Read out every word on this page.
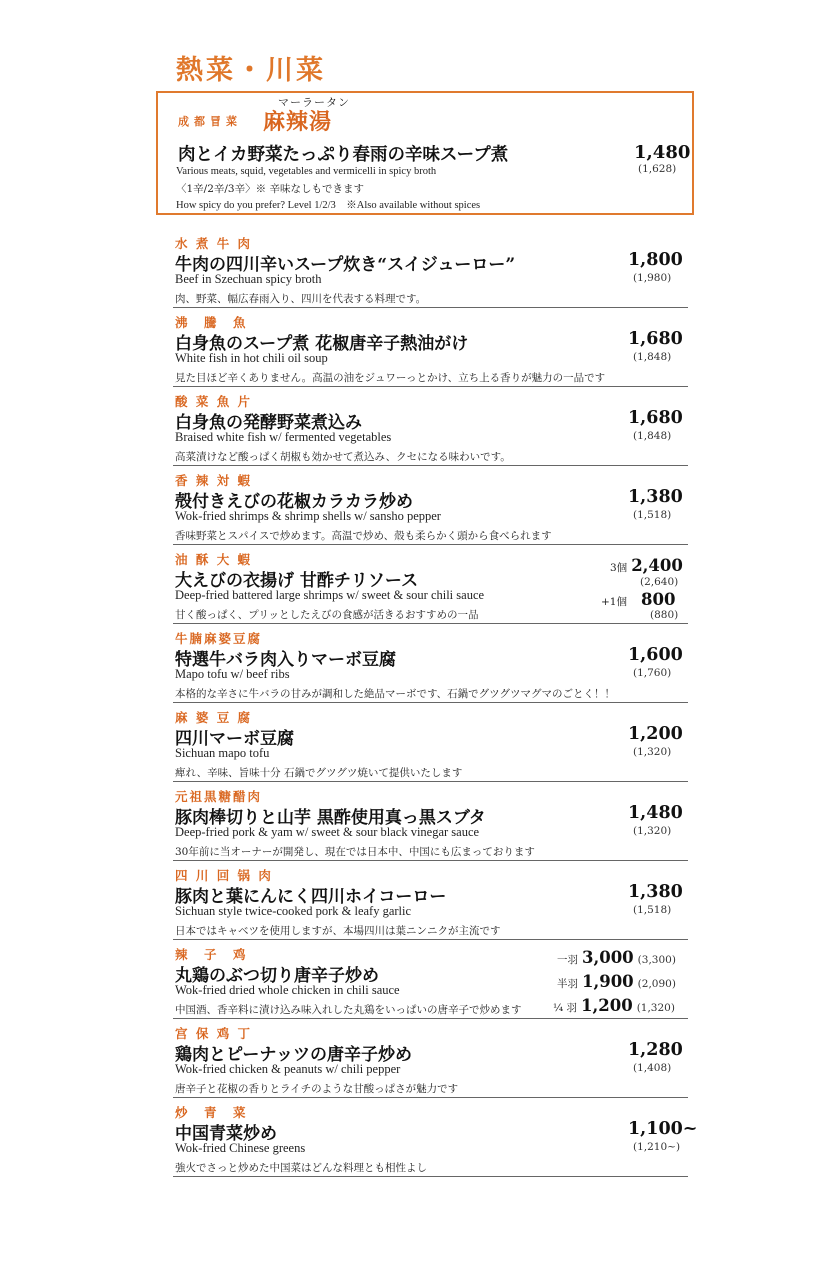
熱菜・川菜
成都冒菜
マーラータン
麻辣湯
肉とイカ野菜たっぷり春雨の辛味スープ煮
Various meats, squid, vegetables and vermicelli in spicy broth
〈1辛/2辛/3辛〉※ 辛味なしもできます
How spicy do you prefer? Level 1/2/3　※Also available without spices
1,480
(1,628)
水 煮 牛 肉
牛肉の四川辛いスープ炊き“スイジューロー”
Beef in Szechuan spicy broth
肉、野菜、幅広春雨入り、四川を代表する料理です。
1,800
(1,980)
沸　騰　魚
白身魚のスープ煮 花椒唐辛子熱油がけ
White fish in hot chili oil soup
見た目ほど辛くありません。高温の油をジュワーっとかけ、立ち上る香りが魅力の一品です
1,680
(1,848)
酸 菜 魚 片
白身魚の発酵野菜煮込み
Braised white fish w/ fermented vegetables
高菜漬けなど酸っぱく胡椒も効かせて煮込み、クセになる味わいです。
1,680
(1,848)
香 辣 対 蝦
殻付きえびの花椒カラカラ炒め
Wok-fried shrimps & shrimp shells w/ sansho pepper
香味野菜とスパイスで炒めます。高温で炒め、殻も柔らかく頭から食べられます
1,380
(1,518)
油 酥 大 蝦
大えびの衣揚げ 甘酢チリソース
Deep-fried battered large shrimps w/ sweet & sour chili sauce
甘く酸っぱく、プリッとしたえびの食感が活きるおすすめの一品
3個 2,400
(2,640)
+1個 800
(880)
牛腩麻婆豆腐
特選牛バラ肉入りマーボ豆腐
Mapo tofu w/ beef ribs
本格的な辛さに牛バラの甘みが調和した絶品マーボです、石鍋でグツグツマグマのごとく！！
1,600
(1,760)
麻 婆 豆 腐
四川マーボ豆腐
Sichuan mapo tofu
痺れ、辛味、旨味十分 石鍋でグツグツ焼いて提供いたします
1,200
(1,320)
元祖黒糖醋肉
豚肉棒切りと山芋 黒酢使用真っ黒スブタ
Deep-fried pork & yam w/ sweet & sour black vinegar sauce
30年前に当オーナーが開発し、現在では日本中、中国にも広まっております
1,480
(1,320)
四 川 回 锅 肉
豚肉と葉にんにく四川ホイコーロー
Sichuan style twice-cooked pork & leafy garlic
日本ではキャベツを使用しますが、本場四川は葉ニンニクが主流です
1,380
(1,518)
辣　子　鸡
丸鶏のぶつ切り唐辛子炒め
Wok-fried dried whole chicken in chili sauce
中国酒、香辛料に漬け込み味入れした丸鶏をいっぱいの唐辛子で炒めます
一羽 3,000 (3,300)
半羽 1,900 (2,090)
¼ 羽 1,200 (1,320)
宫 保 鸡 丁
鶏肉とピーナッツの唐辛子炒め
Wok-fried chicken & peanuts w/ chili pepper
唐辛子と花椒の香りとライチのような甘酸っぱさが魅力です
1,280
(1,408)
炒　青　菜
中国青菜炒め
Wok-fried Chinese greens
強火でさっと炒めた中国菜はどんな料理とも相性よし
1,100~
(1,210~)
